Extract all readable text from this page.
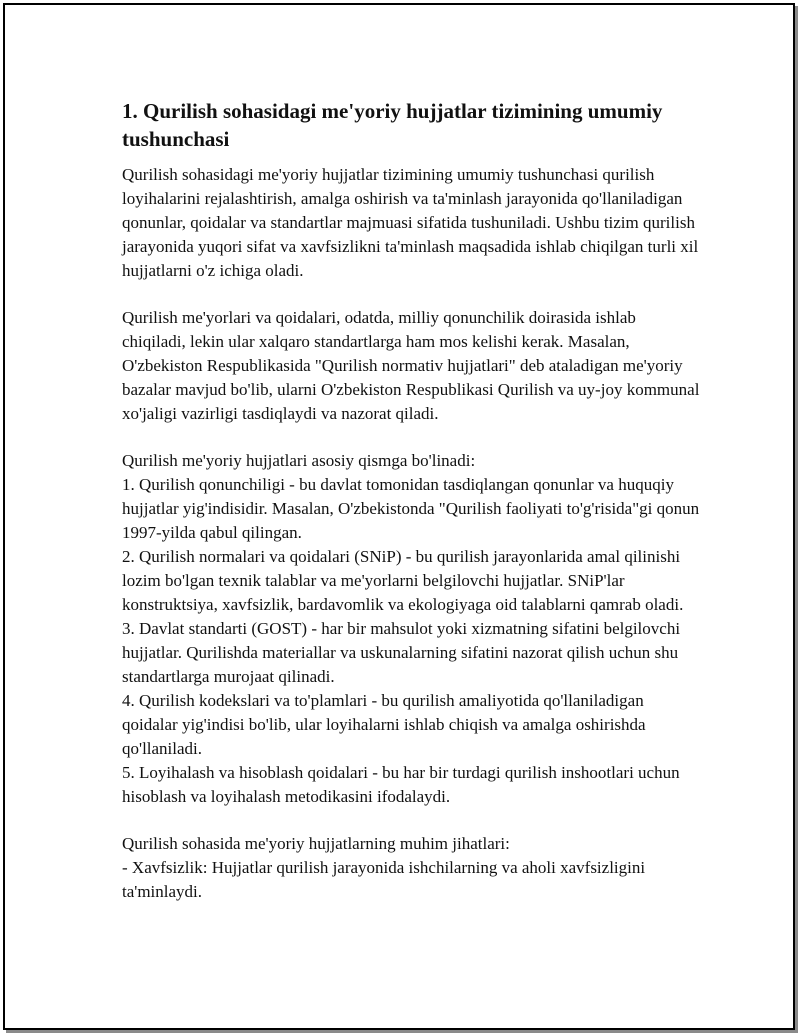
1. Qurilish sohasidagi me'yoriy hujjatlar tizimining umumiy tushunchasi

Qurilish sohasidagi me'yoriy hujjatlar tizimining umumiy tushunchasi qurilish loyihalarini rejalashtirish, amalga oshirish va ta'minlash jarayonida qo'llaniladigan qonunlar, qoidalar va standartlar majmuasi sifatida tushuniladi. Ushbu tizim qurilish jarayonida yuqori sifat va xavfsizlikni ta'minlash maqsadida ishlab chiqilgan turli xil hujjatlarni o'z ichiga oladi.

Qurilish me'yorlari va qoidalari, odatda, milliy qonunchilik doirasida ishlab chiqiladi, lekin ular xalqaro standartlarga ham mos kelishi kerak. Masalan, O'zbekiston Respublikasida "Qurilish normativ hujjatlari" deb ataladigan me'yoriy bazalar mavjud bo'lib, ularni O'zbekiston Respublikasi Qurilish va uy-joy kommunal xo'jaligi vazirligi tasdiqlaydi va nazorat qiladi.

Qurilish me'yoriy hujjatlari asosiy qismga bo'linadi:

1. Qurilish qonunchiligi - bu davlat tomonidan tasdiqlangan qonunlar va huquqiy hujjatlar yig'indisidir. Masalan, O'zbekistonda "Qurilish faoliyati to'g'risida"gi qonun 1997-yilda qabul qilingan.

2. Qurilish normalari va qoidalari (SNiP) - bu qurilish jarayonlarida amal qilinishi lozim bo'lgan texnik talablar va me'yorlarni belgilovchi hujjatlar. SNiP'lar konstruktsiya, xavfsizlik, bardavomlik va ekologiyaga oid talablarni qamrab oladi.

3. Davlat standarti (GOST) - har bir mahsulot yoki xizmatning sifatini belgilovchi hujjatlar. Qurilishda materiallar va uskunalarning sifatini nazorat qilish uchun shu standartlarga murojaat qilinadi.

4. Qurilish kodekslari va to'plamlari - bu qurilish amaliyotida qo'llaniladigan qoidalar yig'indisi bo'lib, ular loyihalarni ishlab chiqish va amalga oshirishda qo'llaniladi.

5. Loyihalash va hisoblash qoidalari - bu har bir turdagi qurilish inshootlari uchun hisoblash va loyihalash metodikasini ifodalaydi.

Qurilish sohasida me'yoriy hujjatlarning muhim jihatlari:

- Xavfsizlik: Hujjatlar qurilish jarayonida ishchilarning va aholi xavfsizligini ta'minlaydi.
